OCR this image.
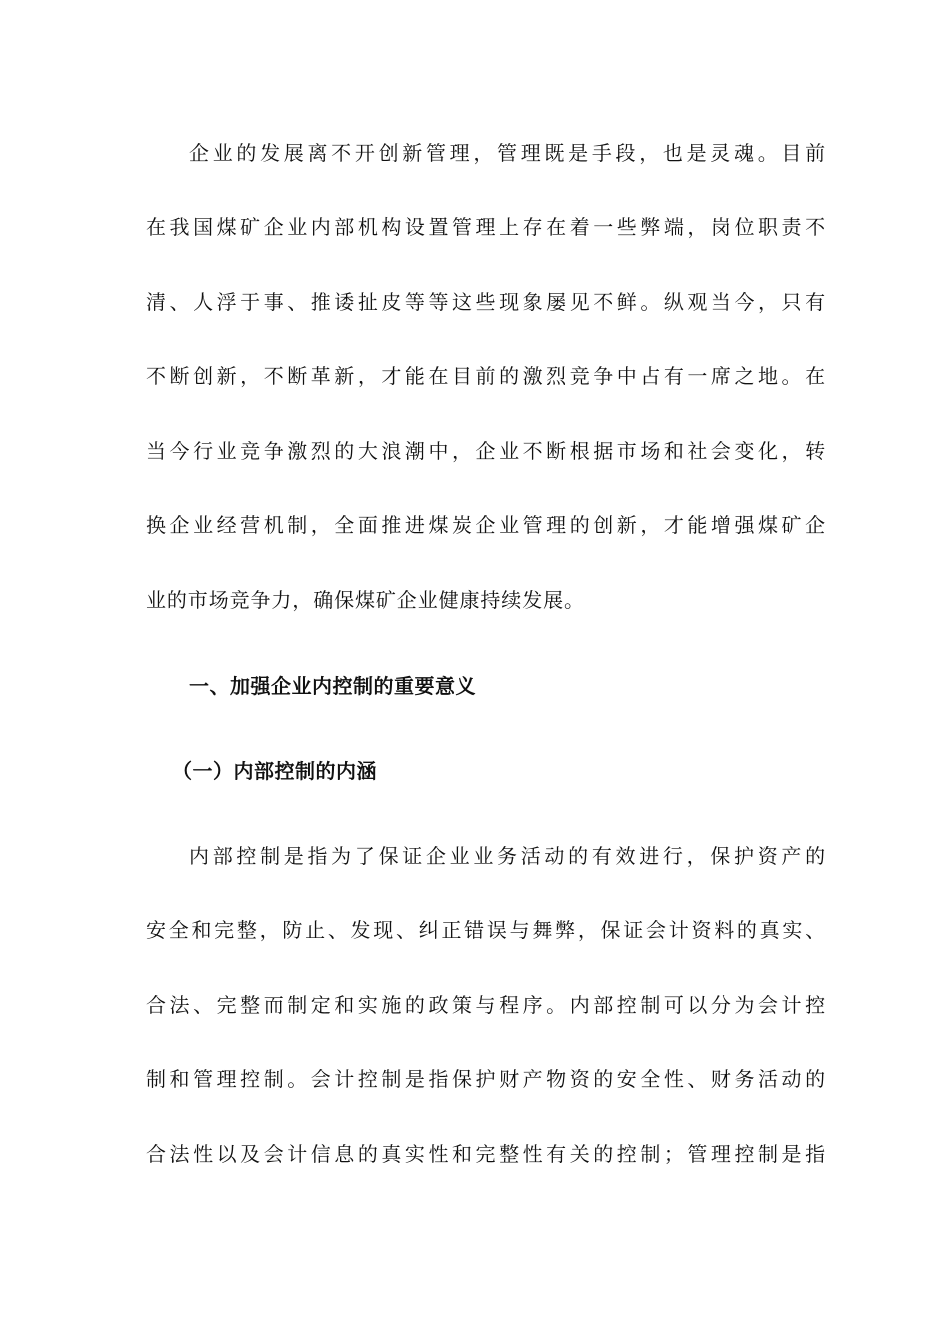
企业的发展离不开创新管理，管理既是手段，也是灵魂。目前
在我国煤矿企业内部机构设置管理上存在着一些弊端，岗位职责不
清、人浮于事、推诿扯皮等等这些现象屡见不鲜。纵观当今，只有
不断创新，不断革新，才能在目前的激烈竞争中占有一席之地。在
当今行业竞争激烈的大浪潮中，企业不断根据市场和社会变化，转
换企业经营机制，全面推进煤炭企业管理的创新，才能增强煤矿企
业的市场竞争力，确保煤矿企业健康持续发展。
一、加强企业内控制的重要意义
（一）内部控制的内涵
内部控制是指为了保证企业业务活动的有效进行，保护资产的
安全和完整，防止、发现、纠正错误与舞弊，保证会计资料的真实、
合法、完整而制定和实施的政策与程序。内部控制可以分为会计控
制和管理控制。会计控制是指保护财产物资的安全性、财务活动的
合法性以及会计信息的真实性和完整性有关的控制；管理控制是指
